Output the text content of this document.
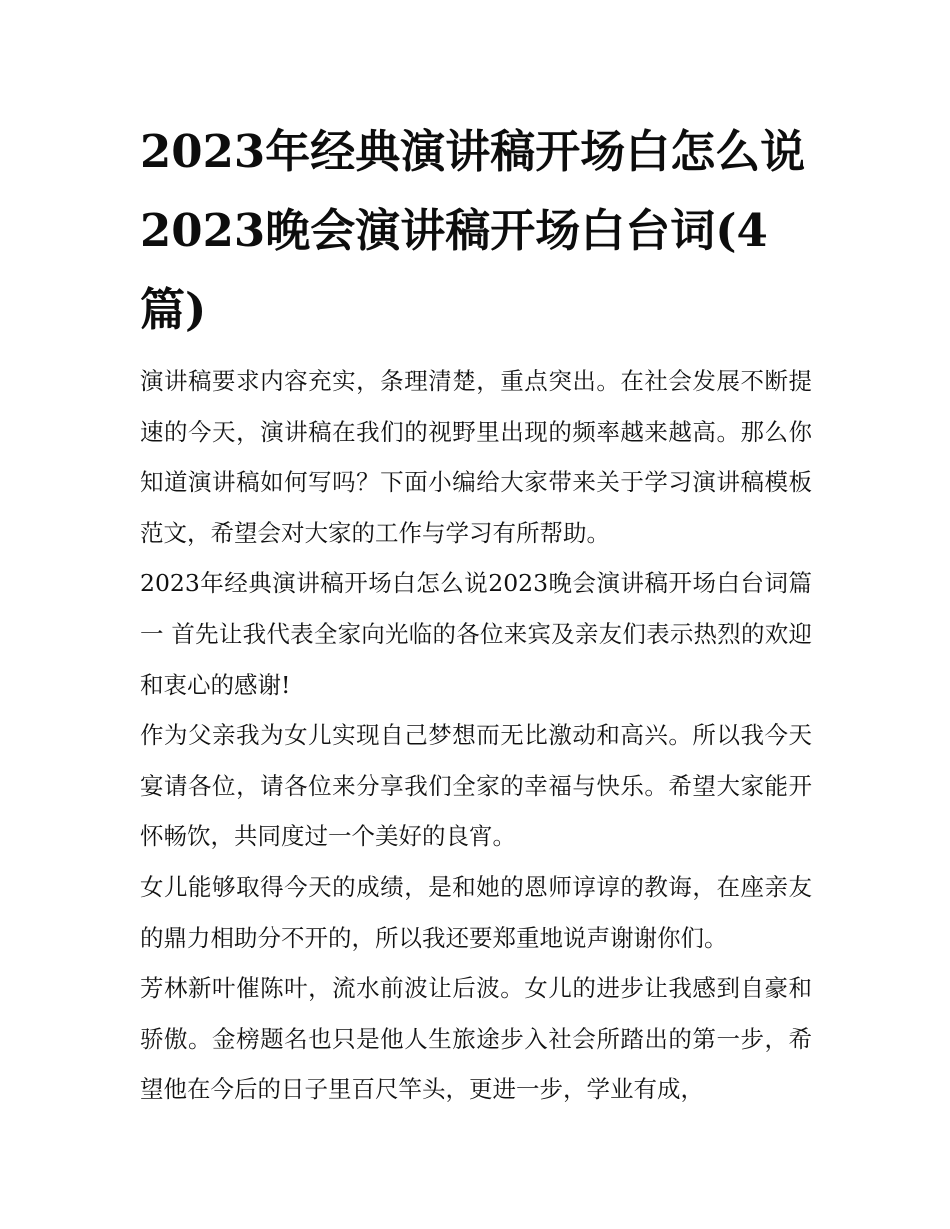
2023年经典演讲稿开场白怎么说2023晚会演讲稿开场白台词(4篇)

演讲稿要求内容充实，条理清楚，重点突出。在社会发展不断提速的今天，演讲稿在我们的视野里出现的频率越来越高。那么你知道演讲稿如何写吗？下面小编给大家带来关于学习演讲稿模板范文，希望会对大家的工作与学习有所帮助。

2023年经典演讲稿开场白怎么说2023晚会演讲稿开场白台词篇一 首先让我代表全家向光临的各位来宾及亲友们表示热烈的欢迎和衷心的感谢!

作为父亲我为女儿实现自己梦想而无比激动和高兴。所以我今天宴请各位，请各位来分享我们全家的幸福与快乐。希望大家能开怀畅饮，共同度过一个美好的良宵。

女儿能够取得今天的成绩，是和她的恩师谆谆的教诲，在座亲友的鼎力相助分不开的，所以我还要郑重地说声谢谢你们。

芳林新叶催陈叶，流水前波让后波。女儿的进步让我感到自豪和骄傲。金榜题名也只是他人生旅途步入社会所踏出的第一步，希望他在今后的日子里百尺竿头，更进一步，学业有成，
